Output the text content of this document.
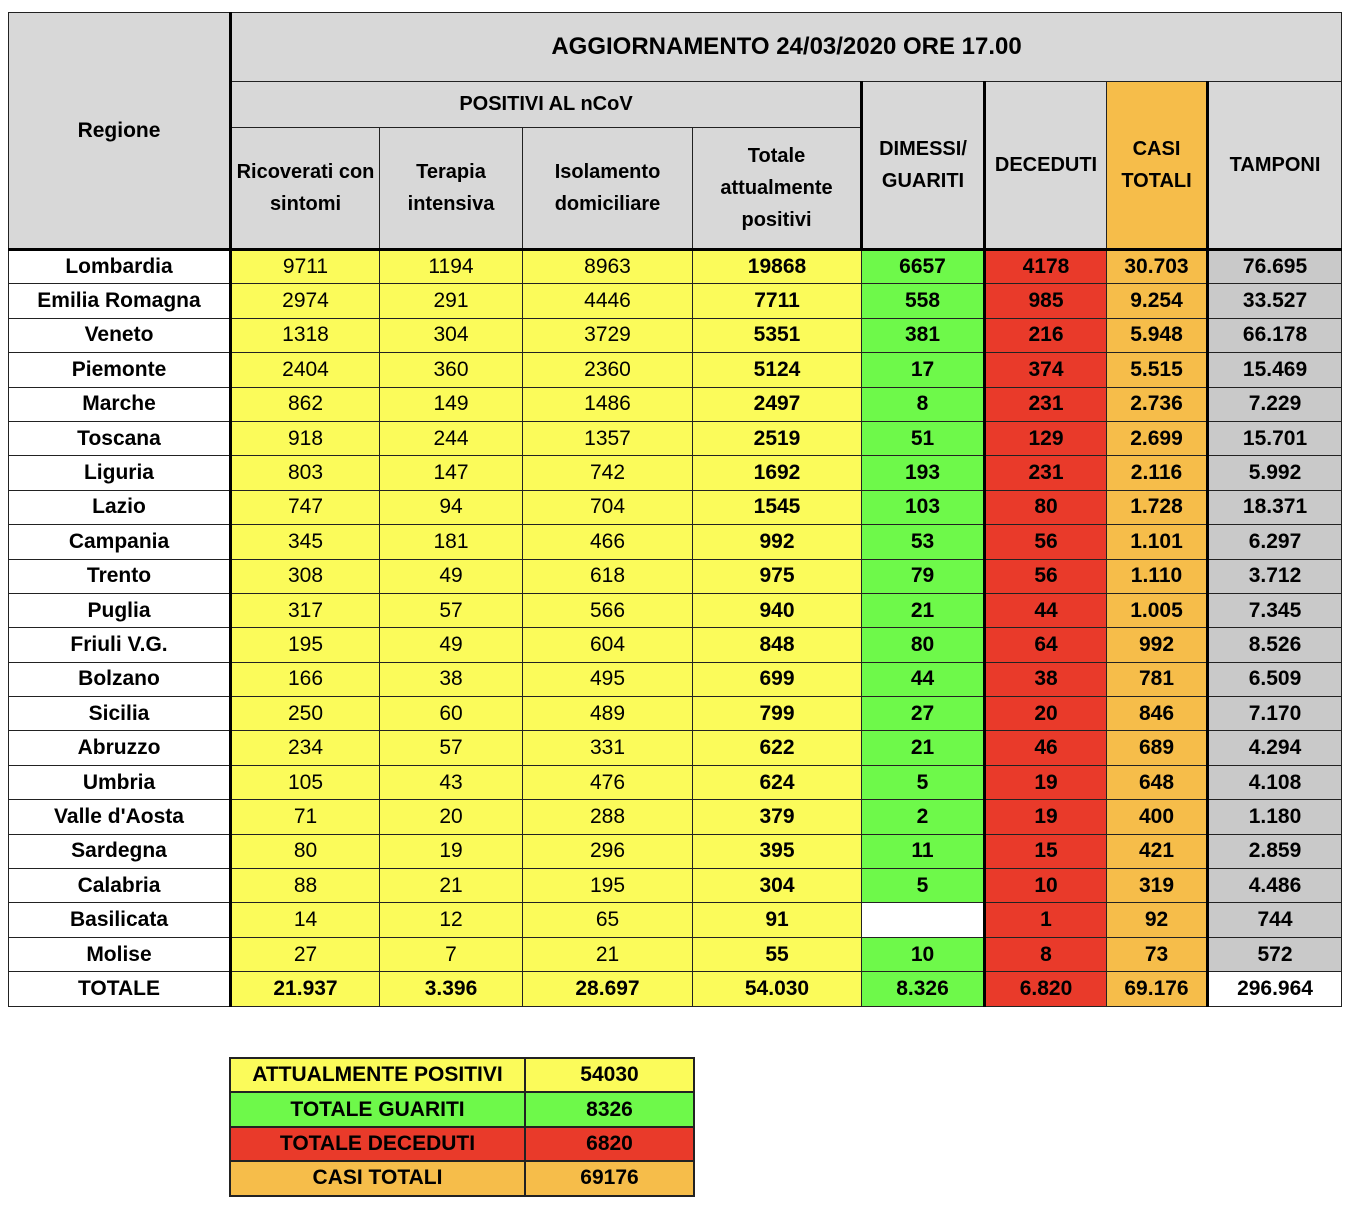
Regione	AGGIORNAMENTO 24/03/2020 ORE 17.00							
	POSITIVI AL nCoV				DIMESSI/ GUARITI	DECEDUTI	CASI TOTALI	TAMPONI
	Ricoverati con sintomi	Terapia intensiva	Isolamento domiciliare	Totale attualmente positivi				
Lombardia	9711	1194	8963	19868	6657	4178	30.703	76.695
Emilia Romagna	2974	291	4446	7711	558	985	9.254	33.527
Veneto	1318	304	3729	5351	381	216	5.948	66.178
Piemonte	2404	360	2360	5124	17	374	5.515	15.469
Marche	862	149	1486	2497	8	231	2.736	7.229
Toscana	918	244	1357	2519	51	129	2.699	15.701
Liguria	803	147	742	1692	193	231	2.116	5.992
Lazio	747	94	704	1545	103	80	1.728	18.371
Campania	345	181	466	992	53	56	1.101	6.297
Trento	308	49	618	975	79	56	1.110	3.712
Puglia	317	57	566	940	21	44	1.005	7.345
Friuli V.G.	195	49	604	848	80	64	992	8.526
Bolzano	166	38	495	699	44	38	781	6.509
Sicilia	250	60	489	799	27	20	846	7.170
Abruzzo	234	57	331	622	21	46	689	4.294
Umbria	105	43	476	624	5	19	648	4.108
Valle d'Aosta	71	20	288	379	2	19	400	1.180
Sardegna	80	19	296	395	11	15	421	2.859
Calabria	88	21	195	304	5	10	319	4.486
Basilicata	14	12	65	91		1	92	744
Molise	27	7	21	55	10	8	73	572
TOTALE	21.937	3.396	28.697	54.030	8.326	6.820	69.176	296.964
ATTUALMENTE POSITIVI	54030
TOTALE GUARITI	8326
TOTALE DECEDUTI	6820
CASI TOTALI	69176
